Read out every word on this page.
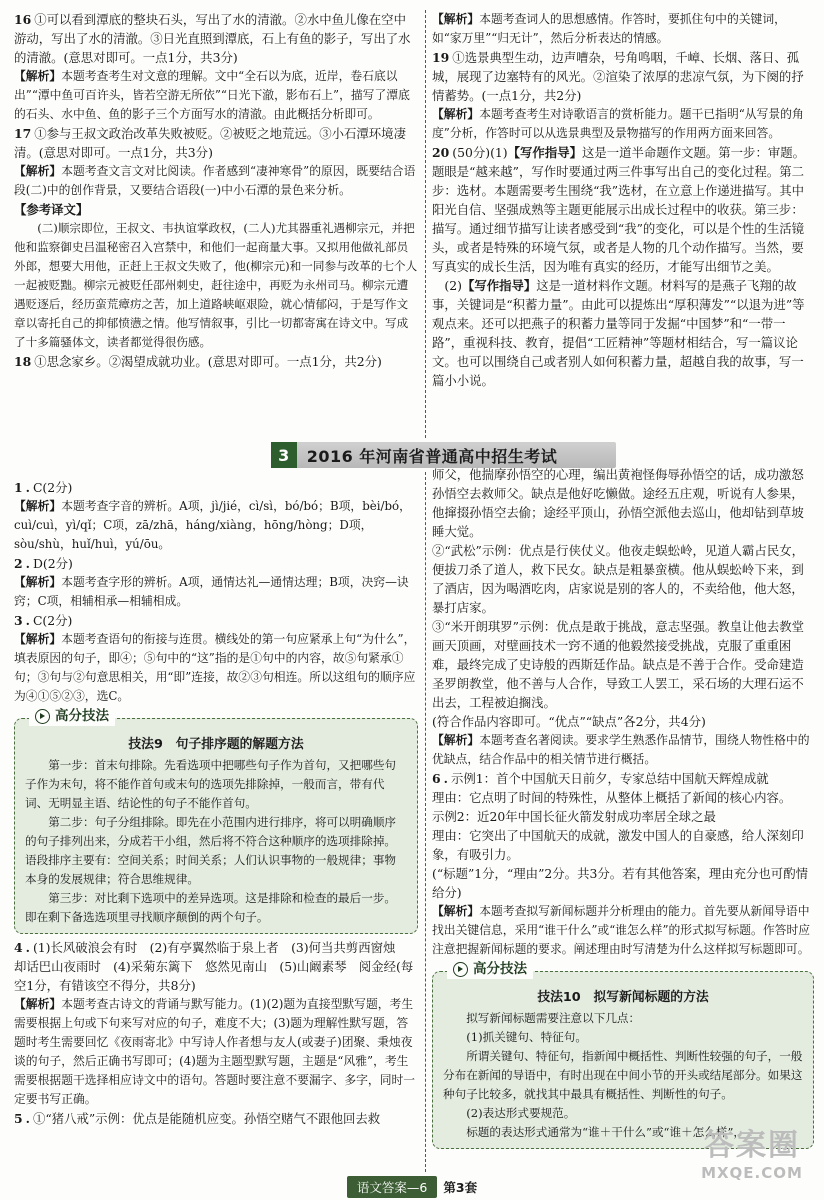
16 ①可以看到潭底的整块石头，写出了水的清澈。②水中鱼儿像在空中游动，写出了水的清澈。③日光直照到潭底，石上有鱼的影子，写出了水的清澈。(意思对即可。一点1分，共3分)

【解析】本题考查考生对文意的理解。文中“全石以为底，近岸，卷石底以出”“潭中鱼可百许头，皆若空游无所依”“日光下澈，影布石上”，描写了潭底的石头、水中鱼、鱼的影子三个方面写水的清澈。由此概括分析即可。

17 ①参与王叔文政治改革失败被贬。②被贬之地荒远。③小石潭环境凄清。(意思对即可。一点1分，共3分)

【解析】本题考查文言文对比阅读。作者感到“凄神寒骨”的原因，既要结合语段(二)中的创作背景，又要结合语段(一)中小石潭的景色来分析。

【参考译文】

(二)顺宗即位，王叔文、韦执谊掌政权，(二人)尤其器重礼遇柳宗元，并把他和监察御史吕温秘密召入宫禁中，和他们一起商量大事。又拟用他做礼部员外郎，想要大用他，正赶上王叔文失败了，他(柳宗元)和一同参与改革的七个人一起被贬黜。柳宗元被贬任邵州刺史，赶往途中，再贬为永州司马。柳宗元遭遇贬逐后，经历蛮荒瘴疠之苦，加上道路峡岖艰险，就心情郁闷，于是写作文章以寄托自己的抑郁愤懑之情。他写情叙事，引比一切都寄寓在诗文中。写成了十多篇骚体文，读者都觉得很伤感。

18 ①思念家乡。②渴望成就功业。(意思对即可。一点1分，共2分)

【解析】本题考查词人的思想感情。作答时，要抓住句中的关键词，如“家万里”“归无计”，然后分析表达的情感。

19 ①选景典型生动，边声嘈杂，号角鸣咽，千嶂、长烟、落日、孤城，展现了边塞特有的风光。②渲染了浓厚的悲凉气氛，为下阕的抒情蓄势。(一点1分，共2分)

【解析】本题考查考生对诗歌语言的赏析能力。题干已指明“从写景的角度”分析，作答时可以从选景典型及景物描写的作用两方面来回答。

20 (50分)(1)【写作指导】这是一道半命题作文题。第一步：审题。题眼是“越来越”，写作时要通过两三件事写出自己的变化过程。第二步：选材。本题需要考生围绕“我”选材，在立意上作递进描写。其中阳光自信、坚强成熟等主题更能展示出成长过程中的收获。第三步：描写。通过细节描写让读者感受到“我”的变化，可以是个性的生活镜头，或者是特殊的环境气氛，或者是人物的几个动作描写。当然，要写真实的成长生活，因为唯有真实的经历，才能写出细节之美。

(2)【写作指导】这是一道材料作文题。材料写的是燕子飞翔的故事，关键词是“积蓄力量”。由此可以提炼出“厚积薄发”“以退为进”等观点来。还可以把燕子的积蓄力量等同于发掘“中国梦”和“一带一路”，重视科技、教育，提倡“工匠精神”等题材相结合，写一篇议论文。也可以围绕自己或者别人如何积蓄力量，超越自我的故事，写一篇小小说。

3	2016 年河南省普通高中招生考试

1 . C(2分)

【解析】本题考查字音的辨析。A项，jì/jié，cì/sì，bó/bó；B项，bèi/bó，cuì/cuì，yì/qǐ；C项，zā/zhā，háng/xiàng，hōng/hòng；D项，sòu/shù，huǐ/huì，yú/ōu。

2 . D(2分)

【解析】本题考查字形的辨析。A项，通情达礼—通情达理；B项，决窍—诀窍；C项，相辅相承—相辅相成。

3 . C(2分)

【解析】本题考查语句的衔接与连贯。横线处的第一句应紧承上句“为什么”，填表原因的句子，即④；⑤句中的“这”指的是①句中的内容，故⑤句紧承①句；③句与②句意思相关，用“即”连接，故②③句相连。所以这组句的顺序应为④①⑤②③，选C。

高分技法
技法9　句子排序题的解题方法

第一步：首末句排除。先看选项中把哪些句子作为首句，又把哪些句子作为末句，将不能作首句或末句的选项先排除掉，一般而言，带有代词、无明显主语、结论性的句子不能作首句。

第二步：句子分组排除。即先在小范围内进行排序，将可以明确顺序的句子排列出来，分成若干小组，然后将不符合这种顺序的选项排除掉。语段排序主要有：空间关系；时间关系；人们认识事物的一般规律；事物本身的发展规律；符合思维规律。

第三步：对比剩下选项中的差异选项。这是排除和检查的最后一步。即在剩下备选选项里寻找顺序颠倒的两个句子。

4 . (1)长风破浪会有时　(2)有亭翼然临于泉上者　(3)何当共剪西窗烛　却话巴山夜雨时　(4)采菊东篱下　悠然见南山　(5)山阚素琴　阅金经(每空1分，有错该空不得分，共8分)

【解析】本题考查古诗文的背诵与默写能力。(1)(2)题为直接型默写题，考生需要根据上句或下句来写对应的句子，难度不大；(3)题为理解性默写题，答题时考生需要回忆《夜雨寄北》中写诗人作者想与友人(或妻子)团聚、秉烛夜谈的句子，然后正确书写即可；(4)题为主题型默写题，主题是“风雅”，考生需要根据题干选择相应诗文中的语句。答题时要注意不要漏字、多字，同时一定要书写正确。

5 . ①“猪八戒”示例：优点是能随机应变。孙悟空赌气不跟他回去救

师父，他揣摩孙悟空的心理，编出黄袍怪侮辱孙悟空的话，成功激怒孙悟空去救师父。缺点是他好吃懒做。途经五庄观，听说有人参果，他撺掇孙悟空去偷；途经平顶山，孙悟空派他去巡山，他却钻到草坡睡大觉。

②“武松”示例：优点是行侠仗义。他夜走蜈蚣岭，见道人霸占民女，便拔刀杀了道人，救下民女。缺点是粗暴蛮横。他从蜈蚣岭下来，到了酒店，因为喝酒吃肉，店家说是别的客人的，不卖给他，他大怒，暴打店家。

③“米开朗琪罗”示例：优点是敢于挑战，意志坚强。教皇让他去教堂画天顶画，对壁画技术一窍不通的他毅然接受挑战，克服了重重困难，最终完成了史诗般的西斯廷作品。缺点是不善于合作。受命建造圣罗朗教堂，他不善与人合作，导致工人罢工，采石场的大理石运不出去，工程被迫搁浅。

(符合作品内容即可。“优点”“缺点”各2分，共4分)

【解析】本题考查名著阅读。要求学生熟悉作品情节，围绕人物性格中的优缺点，结合作品中的相关情节进行概括。

6 . 示例1：首个中国航天日前夕，专家总结中国航天辉煌成就

理由：它点明了时间的特殊性，从整体上概括了新闻的核心内容。

示例2：近20年中国长征火箭发射成功率居全球之最

理由：它突出了中国航天的成就，激发中国人的自豪感，给人深刻印象，有吸引力。

(“标题”1分，“理由”2分。共3分。若有其他答案，理由充分也可酌情给分)

【解析】本题考查拟写新闻标题并分析理由的能力。首先要从新闻导语中找出关键信息，采用“谁干什么”或“谁怎么样”的形式拟写标题。作答时应注意把握新闻标题的要求。阐述理由时写清楚为什么这样拟写标题即可。

高分技法
技法10　拟写新闻标题的方法

拟写新闻标题需要注意以下几点：

(1)抓关键句、特征句。

所谓关键句、特征句，指新闻中概括性、判断性较强的句子，一般分布在新闻的导语中，有时出现在中间小节的开头或结尾部分。如果这种句子比较多，就找其中最具有概括性、判断性的句子。

(2)表达形式要规范。

标题的表达形式通常为“谁＋干什么”或“谁＋怎么样”，

语文答案—6	第3套
答案圈
MXQE.COM
